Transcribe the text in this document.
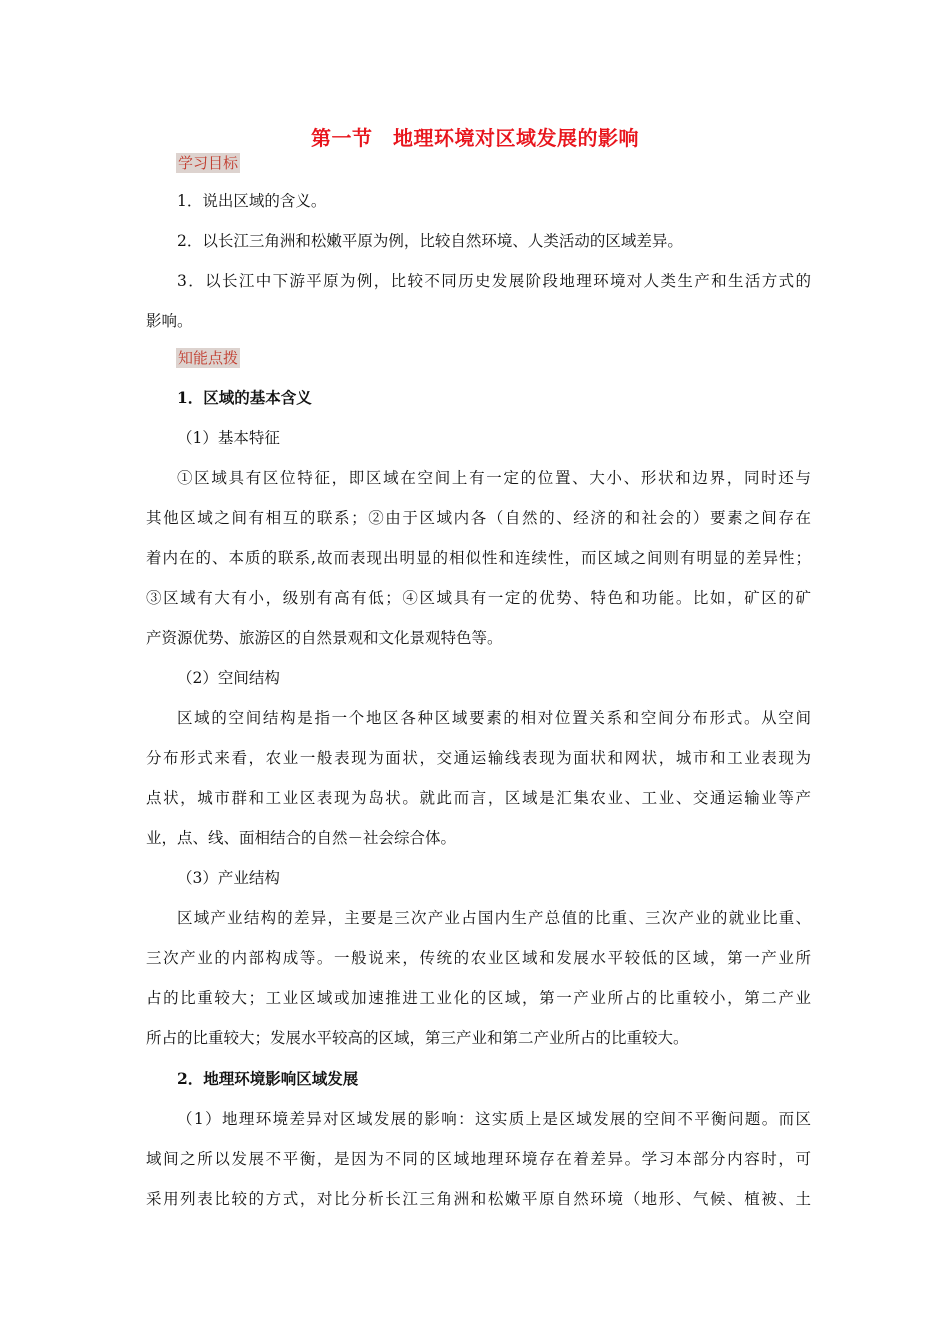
第一节　地理环境对区域发展的影响
学习目标
1．说出区域的含义。
2．以长江三角洲和松嫩平原为例，比较自然环境、人类活动的区域差异。
3．以长江中下游平原为例，比较不同历史发展阶段地理环境对人类生产和生活方式的
影响。
知能点拨
1．区域的基本含义
（1）基本特征
①区域具有区位特征，即区域在空间上有一定的位置、大小、形状和边界，同时还与
其他区域之间有相互的联系；②由于区域内各（自然的、经济的和社会的）要素之间存在
着内在的、本质的联系,故而表现出明显的相似性和连续性，而区域之间则有明显的差异性；
③区域有大有小，级别有高有低；④区域具有一定的优势、特色和功能。比如，矿区的矿
产资源优势、旅游区的自然景观和文化景观特色等。
（2）空间结构
区域的空间结构是指一个地区各种区域要素的相对位置关系和空间分布形式。从空间
分布形式来看，农业一般表现为面状，交通运输线表现为面状和网状，城市和工业表现为
点状，城市群和工业区表现为岛状。就此而言，区域是汇集农业、工业、交通运输业等产
业，点、线、面相结合的自然－社会综合体。
（3）产业结构
区域产业结构的差异，主要是三次产业占国内生产总值的比重、三次产业的就业比重、
三次产业的内部构成等。一般说来，传统的农业区域和发展水平较低的区域，第一产业所
占的比重较大；工业区域或加速推进工业化的区域，第一产业所占的比重较小，第二产业
所占的比重较大；发展水平较高的区域，第三产业和第二产业所占的比重较大。
2．地理环境影响区域发展
（1）地理环境差异对区域发展的影响：这实质上是区域发展的空间不平衡问题。而区
域间之所以发展不平衡，是因为不同的区域地理环境存在着差异。学习本部分内容时，可
采用列表比较的方式，对比分析长江三角洲和松嫩平原自然环境（地形、气候、植被、土
